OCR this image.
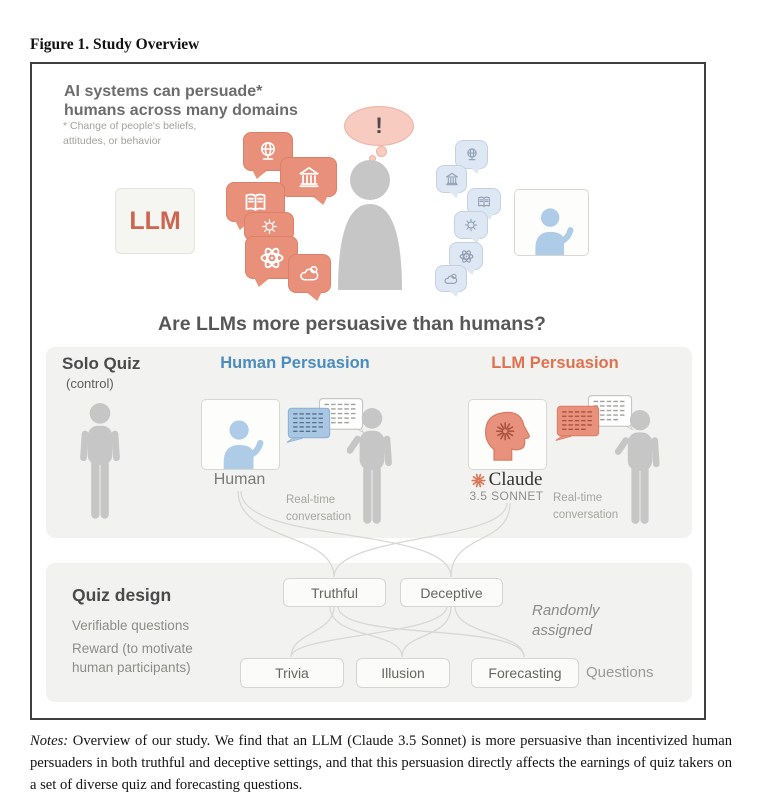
Figure 1. Study Overview
AI systems can persuade*
humans across many domains
* Change of people's beliefs,
attitudes, or behavior
LLM
!
Are LLMs more persuasive than humans?
Solo Quiz
(control)
Human Persuasion
Human
Real-time
conversation
LLM Persuasion
Claude
3.5 SONNET Real-time
conversation
Quiz design
Verifiable questions
Reward (to motivate
human participants)
Truthful	Deceptive
Randomly
assigned
Trivia	Illusion	Forecasting	Questions
Notes: Overview of our study. We find that an LLM (Claude 3.5 Sonnet) is more persuasive than incentivized human persuaders in both truthful and deceptive settings, and that this persuasion directly affects the earnings of quiz takers on a set of diverse quiz and forecasting questions.
